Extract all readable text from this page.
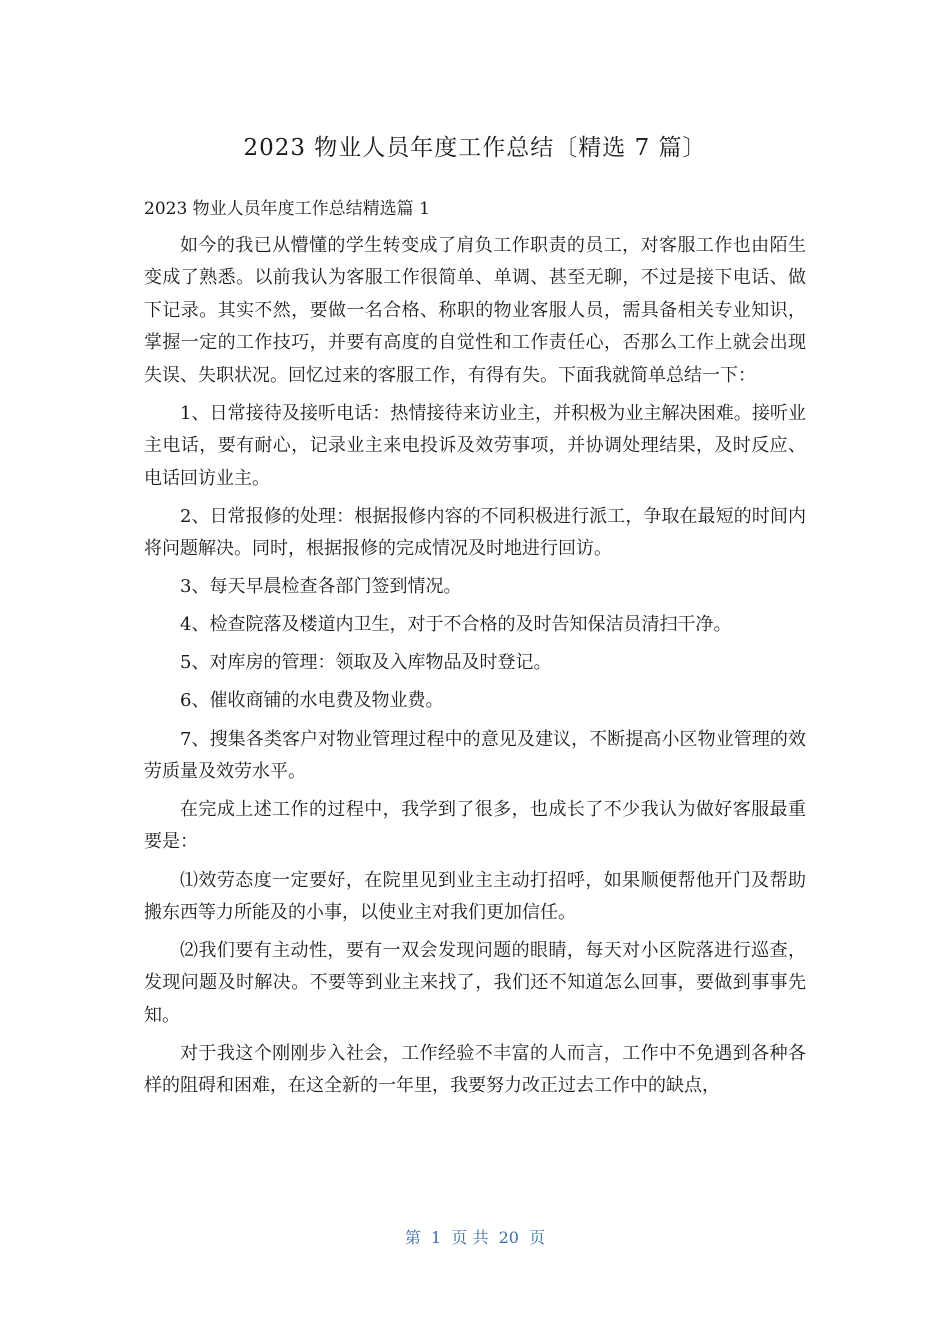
2023 物业人员年度工作总结〔精选 7 篇〕
2023 物业人员年度工作总结精选篇 1

如今的我已从懵懂的学生转变成了肩负工作职责的员工，对客服工作也由陌生变成了熟悉。以前我认为客服工作很简单、单调、甚至无聊，不过是接下电话、做下记录。其实不然，要做一名合格、称职的物业客服人员，需具备相关专业知识，掌握一定的工作技巧，并要有高度的自觉性和工作责任心，否那么工作上就会出现失误、失职状况。回忆过来的客服工作，有得有失。下面我就简单总结一下：

1、日常接待及接听电话：热情接待来访业主，并积极为业主解决困难。接听业主电话，要有耐心，记录业主来电投诉及效劳事项，并协调处理结果，及时反应、电话回访业主。

2、日常报修的处理：根据报修内容的不同积极进行派工，争取在最短的时间内将问题解决。同时，根据报修的完成情况及时地进行回访。

3、每天早晨检查各部门签到情况。

4、检查院落及楼道内卫生，对于不合格的及时告知保洁员清扫干净。

5、对库房的管理：领取及入库物品及时登记。

6、催收商铺的水电费及物业费。

7、搜集各类客户对物业管理过程中的意见及建议，不断提高小区物业管理的效劳质量及效劳水平。

在完成上述工作的过程中，我学到了很多，也成长了不少我认为做好客服最重要是：

⑴效劳态度一定要好，在院里见到业主主动打招呼，如果顺便帮他开门及帮助搬东西等力所能及的小事，以使业主对我们更加信任。

⑵我们要有主动性，要有一双会发现问题的眼睛，每天对小区院落进行巡查，发现问题及时解决。不要等到业主来找了，我们还不知道怎么回事，要做到事事先知。

对于我这个刚刚步入社会，工作经验不丰富的人而言，工作中不免遇到各种各样的阻碍和困难，在这全新的一年里，我要努力改正过去工作中的缺点，

第  1  页 共  20  页
